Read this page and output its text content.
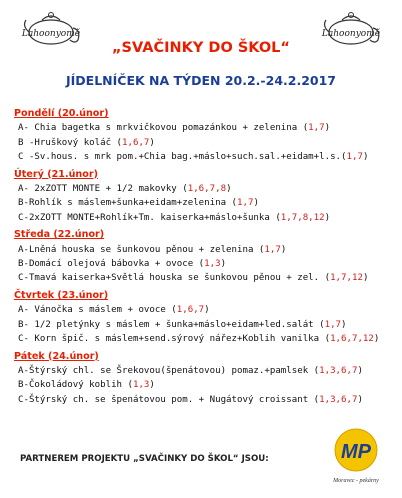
Lahoonyomě	Lahoonyomě
„SVAČINKY DO ŠKOL“
JÍDELNÍČEK NA TÝDEN 20.2.-24.2.2017
Pondělí (20.únor)
A- Chia bagetka s mrkvičkovou pomazánkou + zelenina (1,7)
B -Hruškový koláč (1,6,7)
C -Sv.hous. s mrk pom.+Chia bag.+máslo+such.sal.+eidam+l.s.(1,7)
Úterý (21.únor)
A- 2xZOTT MONTE + 1/2 makovky (1,6,7,8)
B-Rohlík s máslem+šunka+eidam+zelenina (1,7)
C-2xZOTT MONTE+Rohlík+Tm. kaiserka+máslo+šunka (1,7,8,12)
Středa (22.únor)
A-Lněná houska se šunkovou pěnou + zelenina (1,7)
B-Domácí olejová bábovka + ovoce (1,3)
C-Tmavá kaiserka+Světlá houska se šunkovou pěnou + zel. (1,7,12)
Čtvrtek (23.únor)
A- Vánočka s máslem + ovoce (1,6,7)
B- 1/2 pletýnky s máslem + šunka+máslo+eidam+led.salát (1,7)
C- Korn špič. s máslem+send.sýrový nářez+Koblih vanilka (1,6,7,12)
Pátek (24.únor)
A-Štýrský chl. se Šrekovou(špenátovou) pomaz.+pamlsek (1,3,6,7)
B-Čokoládový koblih (1,3)
C-Štýrský ch. se špenátovou pom. + Nugátový croissant (1,3,6,7)
PARTNEREM PROJEKTU „SVAČINKY DO ŠKOL“ JSOU:	MP
Moravec - pekárny
